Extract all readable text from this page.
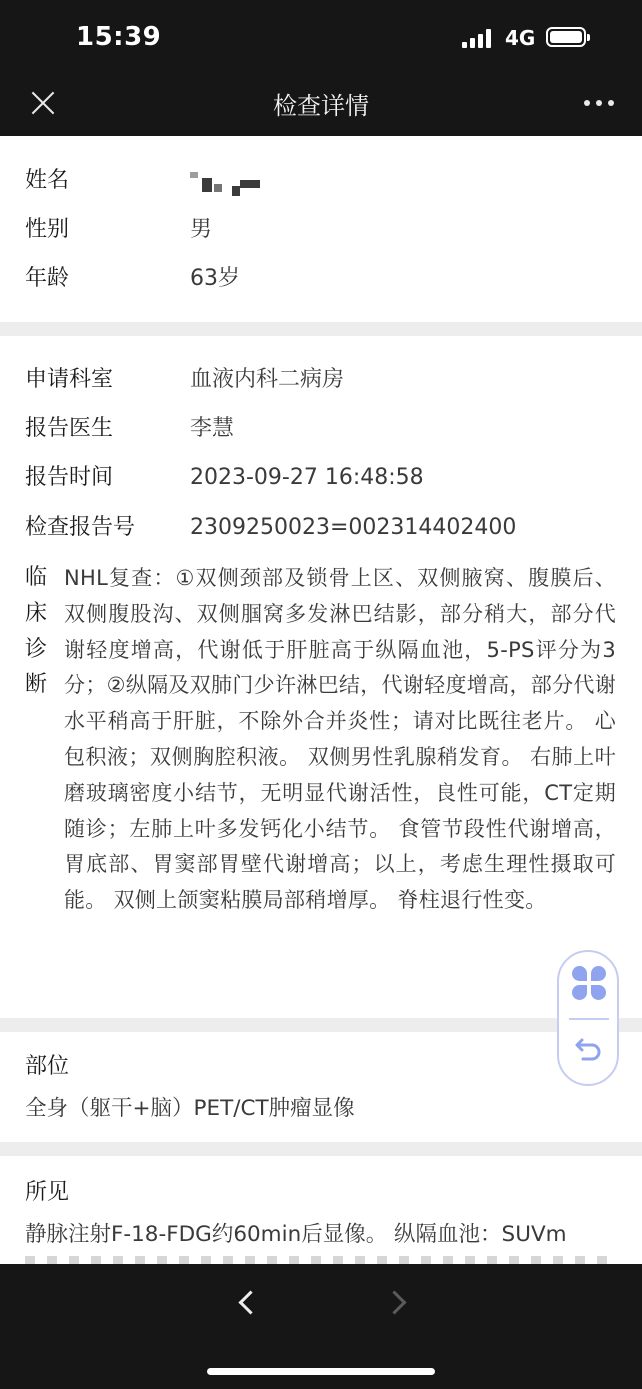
15:39	4G
检查详情
姓名
性别	男
年龄	63岁
申请科室	血液内科二病房
报告医生	李慧
报告时间	2023-09-27 16:48:58
检查报告号 2309250023=002314402400
临
床
诊
断
NHL复查：①双侧颈部及锁骨上区、双侧腋窝、腹膜后、双侧腹股沟、双侧腘窝多发淋巴结影，部分稍大，部分代谢轻度增高，代谢低于肝脏高于纵隔血池，5-PS评分为3分；②纵隔及双肺门少许淋巴结，代谢轻度增高，部分代谢水平稍高于肝脏，不除外合并炎性；请对比既往老片。 心包积液；双侧胸腔积液。 双侧男性乳腺稍发育。 右肺上叶磨玻璃密度小结节，无明显代谢活性，良性可能，CT定期随诊；左肺上叶多发钙化小结节。 食管节段性代谢增高，胃底部、胃窦部胃壁代谢增高；以上，考虑生理性摄取可能。 双侧上颌窦粘膜局部稍增厚。 脊柱退行性变。
部位
全身（躯干+脑）PET/CT肿瘤显像
所见
静脉注射F-18-FDG约60min后显像。 纵隔血池：SUVm
